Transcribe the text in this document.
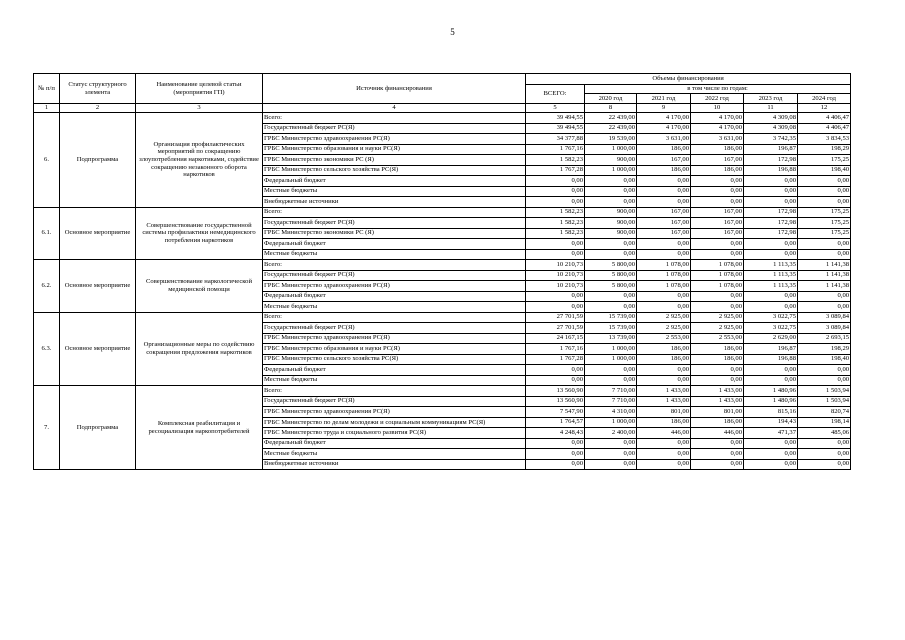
5
№ п/п	Статус структурного элемента	Наименование целевой статьи (мероприятия ГП)	Источник финансирования	Объемы финансирования					
				ВСЕГО:	в том числе по годам:				
					2020 год	2021 год	2022 год	2023 год	2024 год
1	2	3	4	5	8	9	10	11	12
6.	Подпрограмма	Организация профилактических мероприятий по сокращению злоупотребления наркотиками, содействие сокращению незаконного оборота наркотиков	Всего:	39 494,55	22 439,00	4 170,00	4 170,00	4 309,08	4 406,47
			Государственный бюджет РС(Я)	39 494,55	22 439,00	4 170,00	4 170,00	4 309,08	4 406,47
			ГРБС Министерство здравоохранения РС(Я)	34 377,88	19 539,00	3 631,00	3 631,00	3 742,35	3 834,53
			ГРБС Министерство образования и науки РС(Я)	1 767,16	1 000,00	186,00	186,00	196,87	198,29
			ГРБС Министерство экономики РС (Я)	1 582,23	900,00	167,00	167,00	172,98	175,25
			ГРБС Министерство сельского хозяйства РС(Я)	1 767,28	1 000,00	186,00	186,00	196,88	198,40
			Федеральный бюджет	0,00	0,00	0,00	0,00	0,00	0,00
			Местные бюджеты	0,00	0,00	0,00	0,00	0,00	0,00
			Внебюджетные источники	0,00	0,00	0,00	0,00	0,00	0,00
6.1.	Основное мероприятие	Совершенствование государственной системы профилактики немедицинского потребления наркотиков	Всего:	1 582,23	900,00	167,00	167,00	172,98	175,25
			Государственный бюджет РС(Я)	1 582,23	900,00	167,00	167,00	172,98	175,25
			ГРБС Министерство экономики РС (Я)	1 582,23	900,00	167,00	167,00	172,98	175,25
			Федеральный бюджет	0,00	0,00	0,00	0,00	0,00	0,00
			Местные бюджеты	0,00	0,00	0,00	0,00	0,00	0,00
6.2.	Основное мероприятие	Совершенствование наркологической медицинской помощи	Всего:	10 210,73	5 800,00	1 078,00	1 078,00	1 113,35	1 141,38
			Государственный бюджет РС(Я)	10 210,73	5 800,00	1 078,00	1 078,00	1 113,35	1 141,38
			ГРБС Министерство здравоохранения РС(Я)	10 210,73	5 800,00	1 078,00	1 078,00	1 113,35	1 141,38
			Федеральный бюджет	0,00	0,00	0,00	0,00	0,00	0,00
			Местные бюджеты	0,00	0,00	0,00	0,00	0,00	0,00
6.3.	Основное мероприятие	Организационные меры по содействию сокращения предложения наркотиков	Всего:	27 701,59	15 739,00	2 925,00	2 925,00	3 022,75	3 089,84
			Государственный бюджет РС(Я)	27 701,59	15 739,00	2 925,00	2 925,00	3 022,75	3 089,84
			ГРБС Министерство здравоохранения РС(Я)	24 167,15	13 739,00	2 553,00	2 553,00	2 629,00	2 693,15
			ГРБС Министерство образования и науки РС(Я)	1 767,16	1 000,00	186,00	186,00	196,87	198,29
			ГРБС Министерство сельского хозяйства РС(Я)	1 767,28	1 000,00	186,00	186,00	196,88	198,40
			Федеральный бюджет	0,00	0,00	0,00	0,00	0,00	0,00
			Местные бюджеты	0,00	0,00	0,00	0,00	0,00	0,00
7.	Подпрограмма	Комплексная реабилитация и ресоциализация наркопотребителей	Всего:	13 560,90	7 710,00	1 433,00	1 433,00	1 480,96	1 503,94
			Государственный бюджет РС(Я)	13 560,90	7 710,00	1 433,00	1 433,00	1 480,96	1 503,94
			ГРБС Министерство здравоохранения РС(Я)	7 547,90	4 310,00	801,00	801,00	815,16	820,74
			ГРБС Министерство по делам молодежи и социальным коммуникациям РС(Я)	1 764,57	1 000,00	186,00	186,00	194,43	198,14
			ГРБС Министерство труда и социального развития РС(Я)	4 248,43	2 400,00	446,00	446,00	471,37	485,06
			Федеральный бюджет	0,00	0,00	0,00	0,00	0,00	0,00
			Местные бюджеты	0,00	0,00	0,00	0,00	0,00	0,00
			Внебюджетные источники	0,00	0,00	0,00	0,00	0,00	0,00
